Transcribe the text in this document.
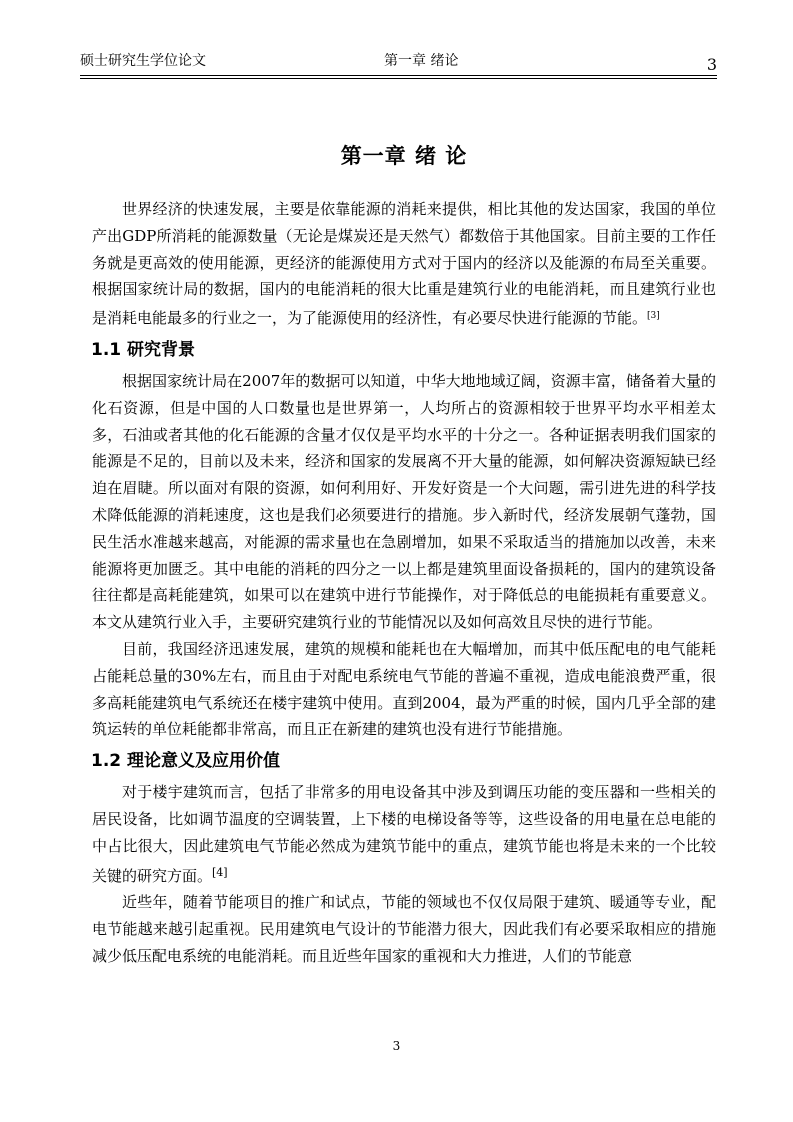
硕士研究生学位论文	第一章 绪论	3
第一章 绪 论

世界经济的快速发展，主要是依靠能源的消耗来提供，相比其他的发达国家，我国的单位产出GDP所消耗的能源数量（无论是煤炭还是天然气）都数倍于其他国家。目前主要的工作任务就是更高效的使用能源，更经济的能源使用方式对于国内的经济以及能源的布局至关重要。根据国家统计局的数据，国内的电能消耗的很大比重是建筑行业的电能消耗，而且建筑行业也是消耗电能最多的行业之一，为了能源使用的经济性，有必要尽快进行能源的节能。[3]

1.1 研究背景

根据国家统计局在2007年的数据可以知道，中华大地地域辽阔，资源丰富，储备着大量的化石资源，但是中国的人口数量也是世界第一，人均所占的资源相较于世界平均水平相差太多，石油或者其他的化石能源的含量才仅仅是平均水平的十分之一。各种证据表明我们国家的能源是不足的，目前以及未来，经济和国家的发展离不开大量的能源，如何解决资源短缺已经迫在眉睫。所以面对有限的资源，如何利用好、开发好资是一个大问题，需引进先进的科学技术降低能源的消耗速度，这也是我们必须要进行的措施。步入新时代，经济发展朝气蓬勃，国民生活水准越来越高，对能源的需求量也在急剧增加，如果不采取适当的措施加以改善，未来能源将更加匮乏。其中电能的消耗的四分之一以上都是建筑里面设备损耗的，国内的建筑设备往往都是高耗能建筑，如果可以在建筑中进行节能操作，对于降低总的电能损耗有重要意义。本文从建筑行业入手，主要研究建筑行业的节能情况以及如何高效且尽快的进行节能。

目前，我国经济迅速发展，建筑的规模和能耗也在大幅增加，而其中低压配电的电气能耗占能耗总量的30%左右，而且由于对配电系统电气节能的普遍不重视，造成电能浪费严重，很多高耗能建筑电气系统还在楼宇建筑中使用。直到2004，最为严重的时候，国内几乎全部的建筑运转的单位耗能都非常高，而且正在新建的建筑也没有进行节能措施。

1.2 理论意义及应用价值

对于楼宇建筑而言，包括了非常多的用电设备其中涉及到调压功能的变压器和一些相关的居民设备，比如调节温度的空调装置，上下楼的电梯设备等等，这些设备的用电量在总电能的中占比很大，因此建筑电气节能必然成为建筑节能中的重点，建筑节能也将是未来的一个比较关键的研究方面。[4]

近些年，随着节能项目的推广和试点，节能的领域也不仅仅局限于建筑、暖通等专业，配电节能越来越引起重视。民用建筑电气设计的节能潜力很大，因此我们有必要采取相应的措施减少低压配电系统的电能消耗。而且近些年国家的重视和大力推进，人们的节能意

3
